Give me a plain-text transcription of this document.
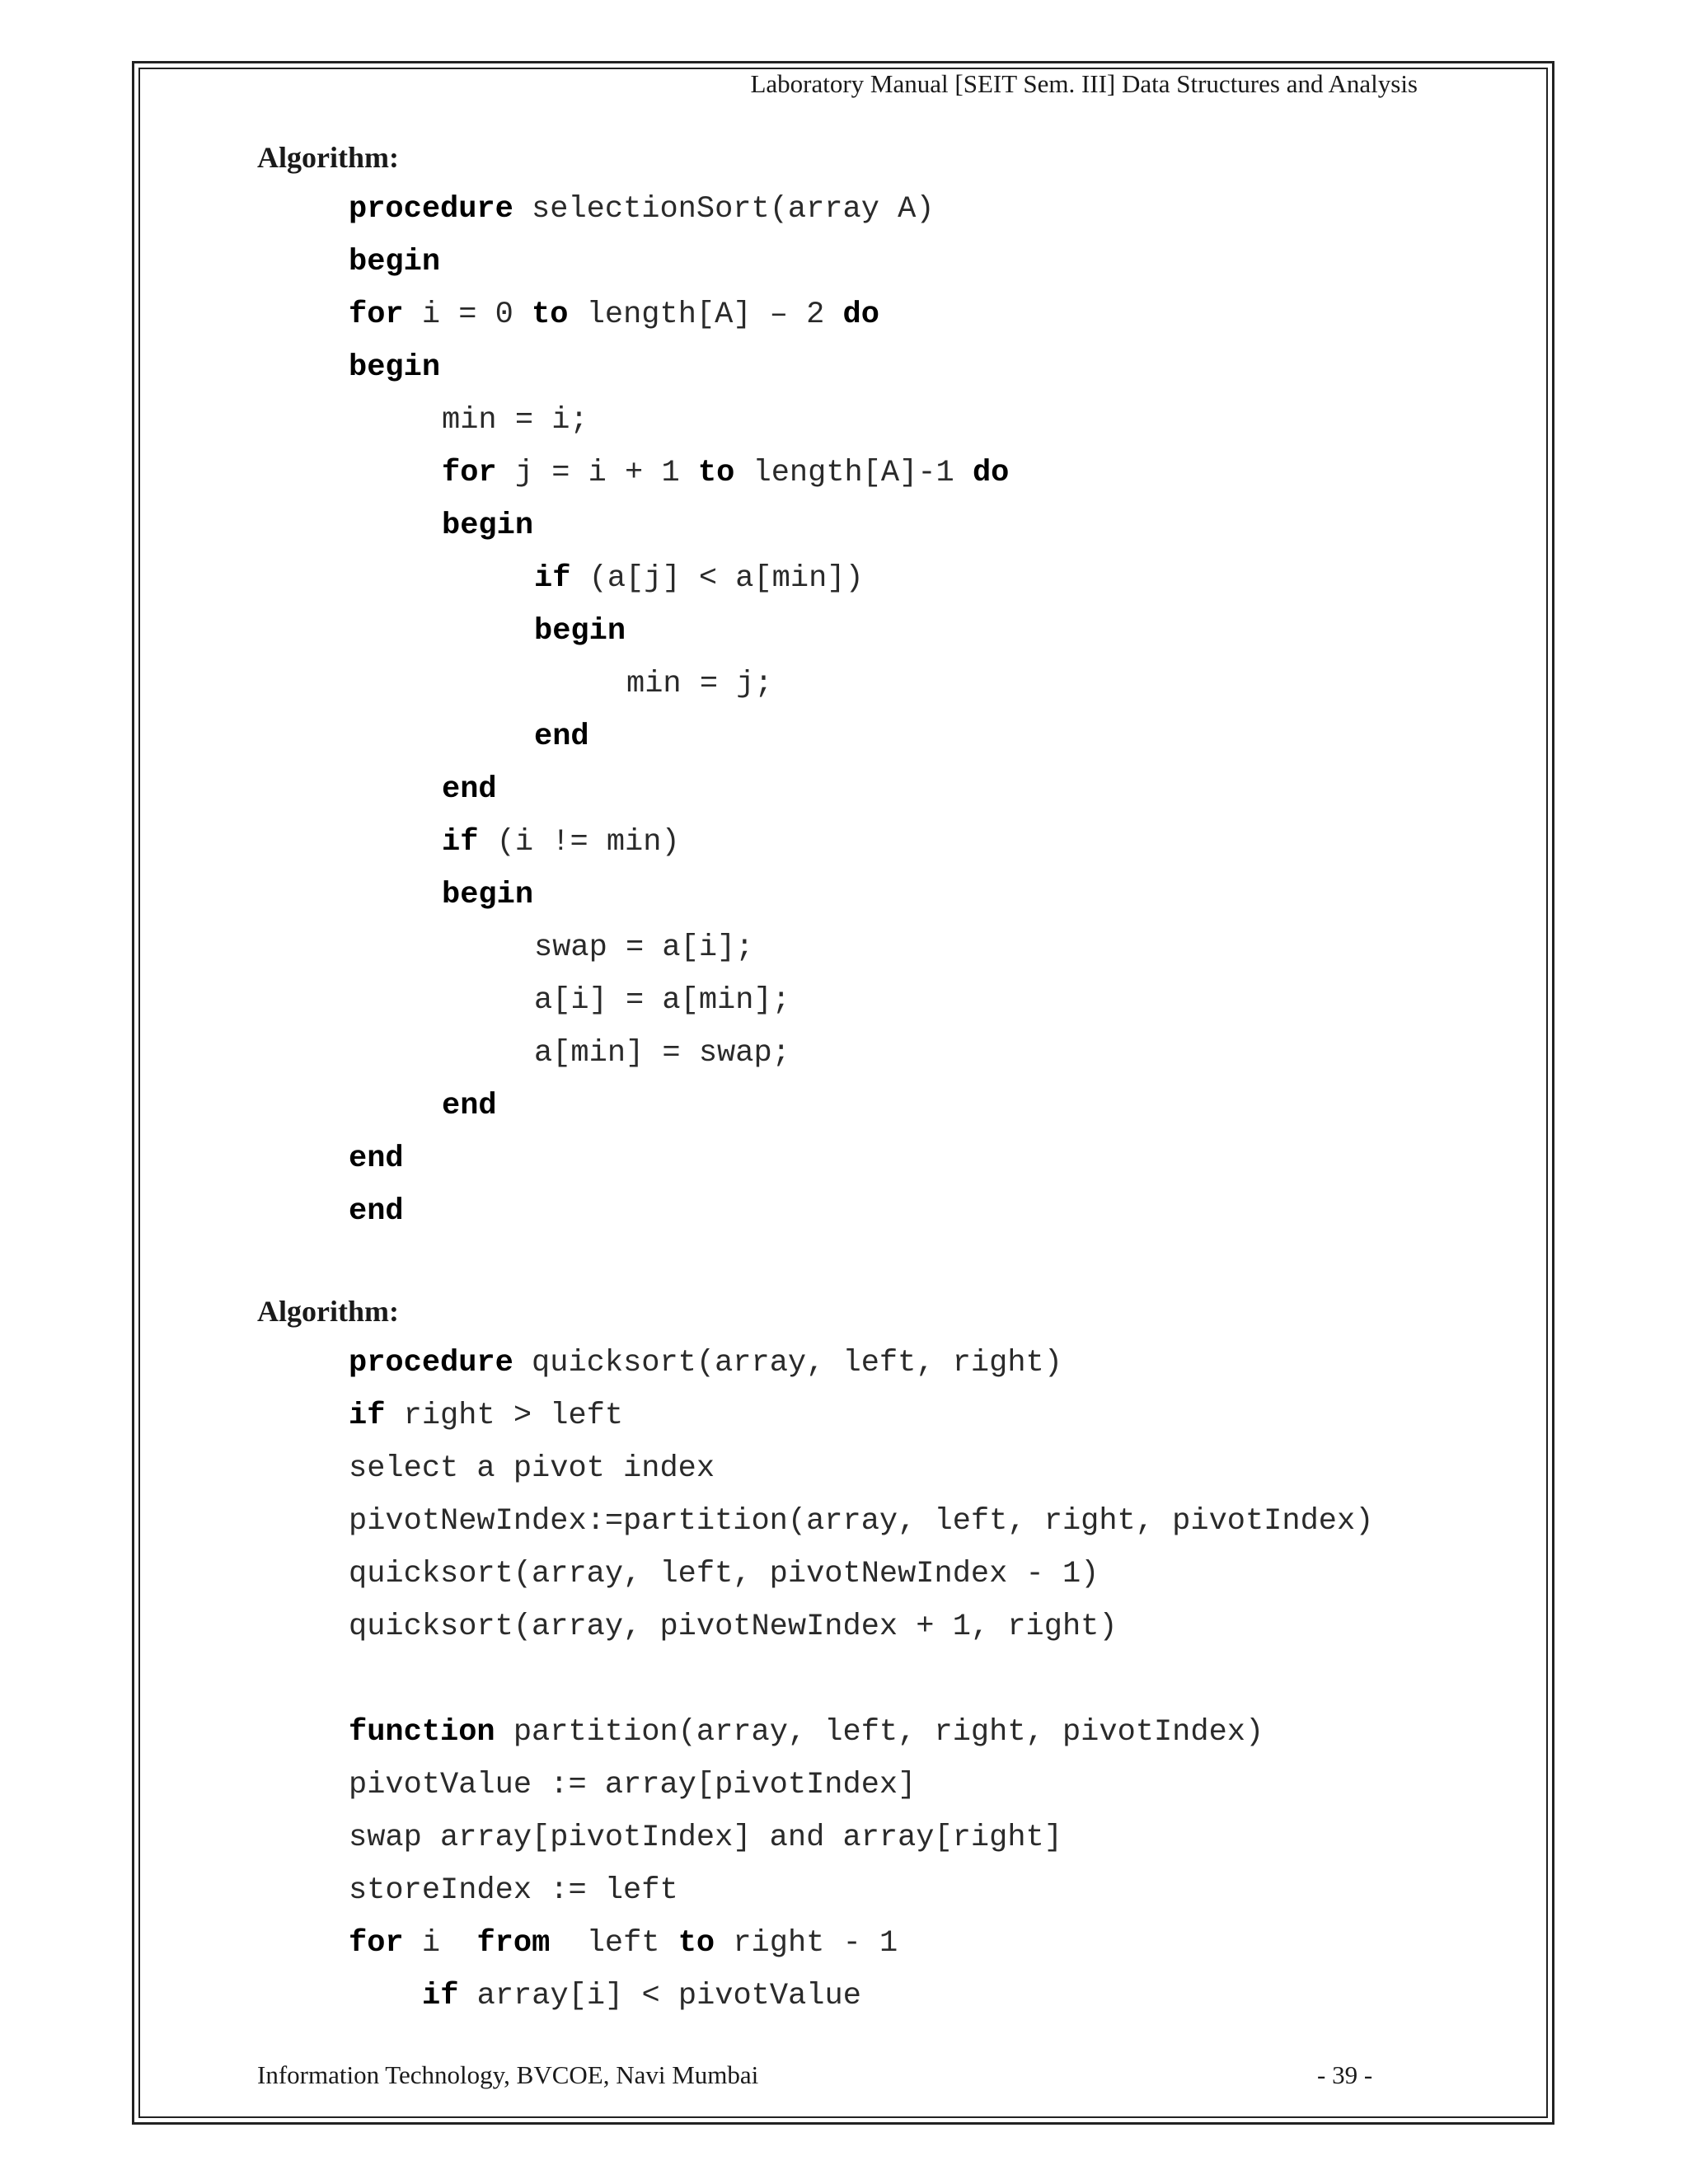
Laboratory Manual [SEIT Sem. III] Data Structures and Analysis
Algorithm:
procedure selectionSort(array A)
begin
for i = 0 to length[A] – 2 do
begin
min = i;
for j = i + 1 to length[A]-1 do
begin
if (a[j] < a[min])
begin
min = j;
end
end
if (i != min)
begin
swap = a[i];
a[i] = a[min];
a[min] = swap;
end
end
end
Algorithm:
procedure quicksort(array, left, right)
if right > left
select a pivot index
pivotNewIndex:=partition(array, left, right, pivotIndex)
quicksort(array, left, pivotNewIndex - 1)
quicksort(array, pivotNewIndex + 1, right)
function partition(array, left, right, pivotIndex)
pivotValue := array[pivotIndex]
swap array[pivotIndex] and array[right]
storeIndex := left
for i  from  left to right - 1
if array[i] < pivotValue
Information Technology, BVCOE, Navi Mumbai	- 39 -
